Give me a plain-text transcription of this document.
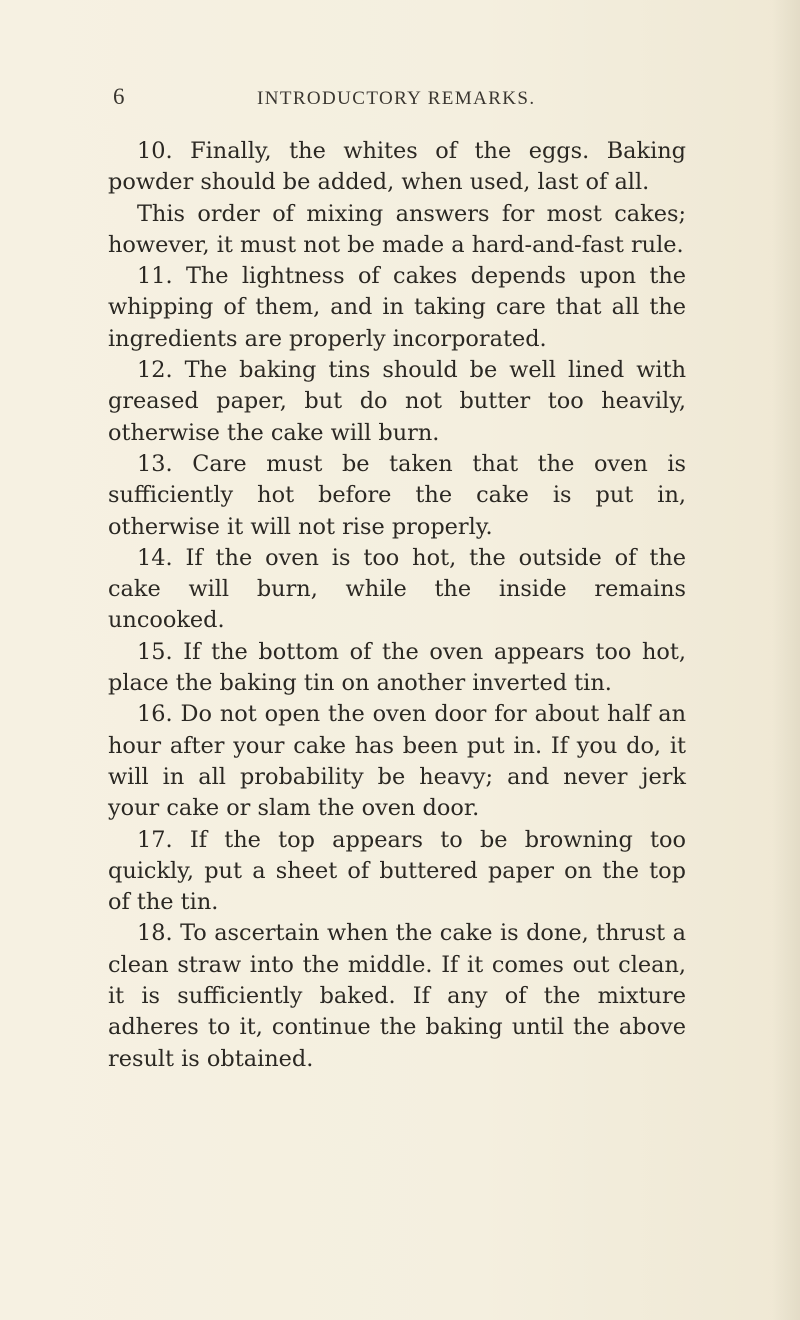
6	INTRODUCTORY REMARKS.

10. Finally, the whites of the eggs. Baking powder should be added, when used, last of all.

This order of mixing answers for most cakes; however, it must not be made a hard-and-fast rule.

11. The lightness of cakes depends upon the whipping of them, and in taking care that all the ingredients are properly incorporated.

12. The baking tins should be well lined with greased paper, but do not butter too heavily, otherwise the cake will burn.

13. Care must be taken that the oven is sufficiently hot before the cake is put in, otherwise it will not rise properly.

14. If the oven is too hot, the outside of the cake will burn, while the inside remains uncooked.

15. If the bottom of the oven appears too hot, place the baking tin on another inverted tin.

16. Do not open the oven door for about half an hour after your cake has been put in. If you do, it will in all probability be heavy; and never jerk your cake or slam the oven door.

17. If the top appears to be browning too quickly, put a sheet of buttered paper on the top of the tin.

18. To ascertain when the cake is done, thrust a clean straw into the middle. If it comes out clean, it is sufficiently baked. If any of the mixture adheres to it, continue the baking until the above result is obtained.
